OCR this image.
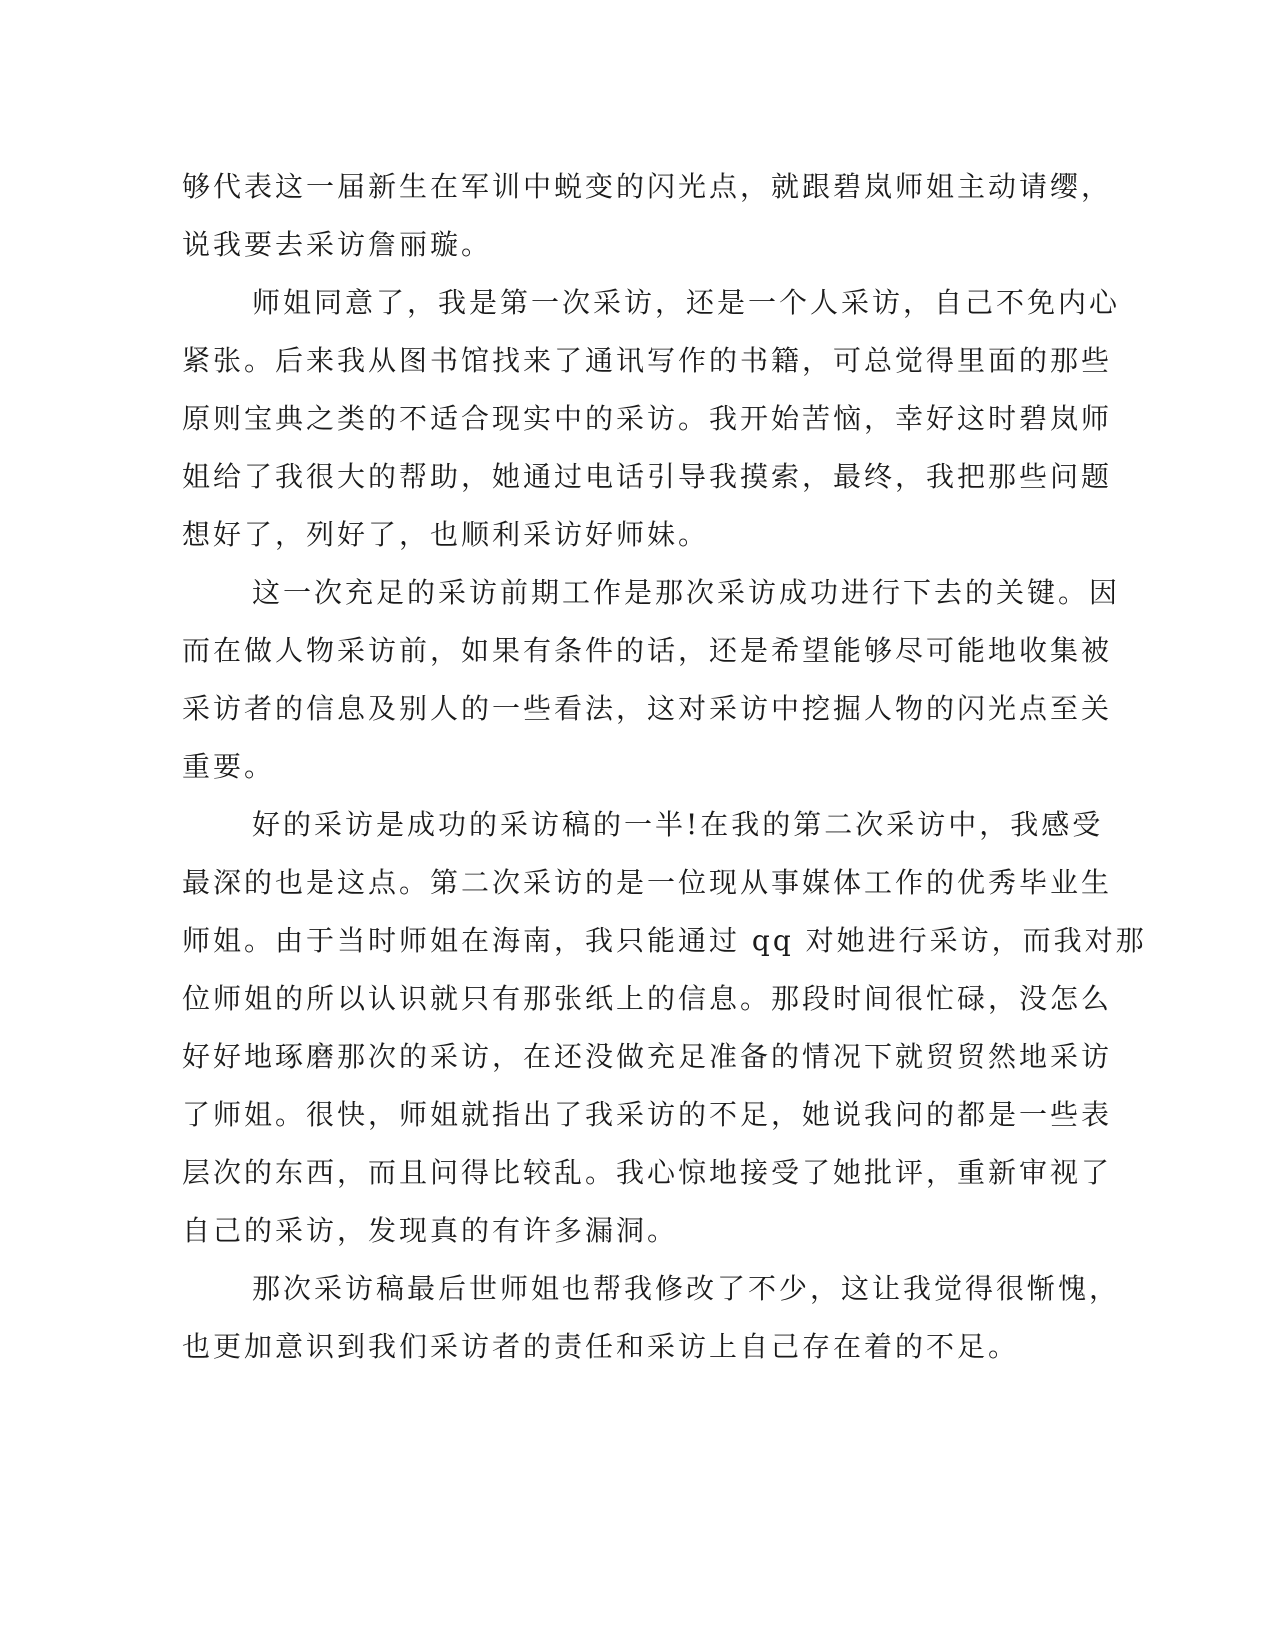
够代表这一届新生在军训中蜕变的闪光点，就跟碧岚师姐主动请缨，
说我要去采访詹丽璇。
师姐同意了，我是第一次采访，还是一个人采访，自己不免内心
紧张。后来我从图书馆找来了通讯写作的书籍，可总觉得里面的那些
原则宝典之类的不适合现实中的采访。我开始苦恼，幸好这时碧岚师
姐给了我很大的帮助，她通过电话引导我摸索，最终，我把那些问题
想好了，列好了，也顺利采访好师妹。
这一次充足的采访前期工作是那次采访成功进行下去的关键。因
而在做人物采访前，如果有条件的话，还是希望能够尽可能地收集被
采访者的信息及别人的一些看法，这对采访中挖掘人物的闪光点至关
重要。
好的采访是成功的采访稿的一半!在我的第二次采访中，我感受
最深的也是这点。第二次采访的是一位现从事媒体工作的优秀毕业生
师姐。由于当时师姐在海南，我只能通过 qq 对她进行采访，而我对那
位师姐的所以认识就只有那张纸上的信息。那段时间很忙碌，没怎么
好好地琢磨那次的采访，在还没做充足准备的情况下就贸贸然地采访
了师姐。很快，师姐就指出了我采访的不足，她说我问的都是一些表
层次的东西，而且问得比较乱。我心惊地接受了她批评，重新审视了
自己的采访，发现真的有许多漏洞。
那次采访稿最后世师姐也帮我修改了不少，这让我觉得很惭愧，
也更加意识到我们采访者的责任和采访上自己存在着的不足。
